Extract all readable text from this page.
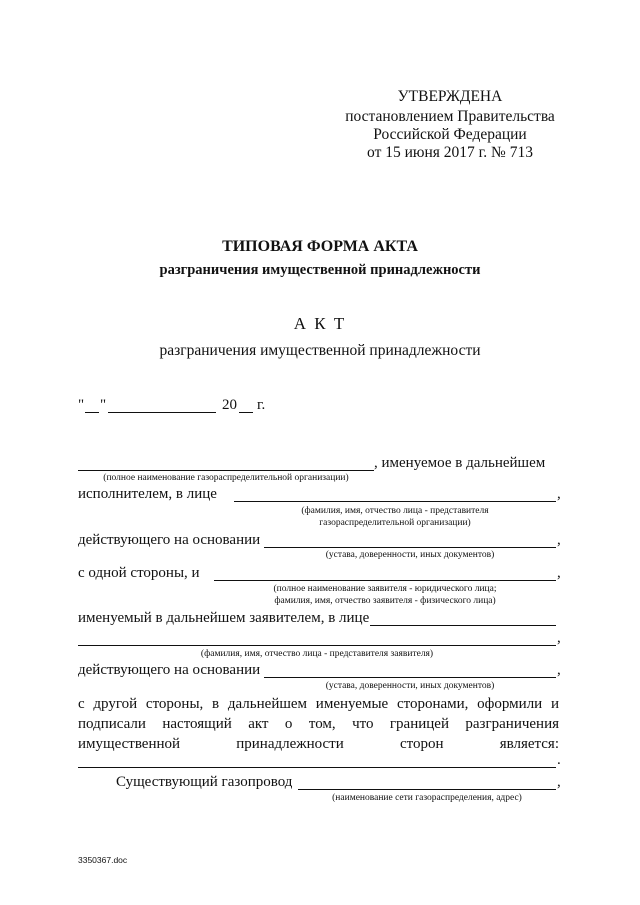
УТВЕРЖДЕНА
постановлением Правительства
Российской Федерации
от 15 июня 2017 г. № 713
ТИПОВАЯ ФОРМА АКТА
разграничения имущественной принадлежности
А К Т
разграничения имущественной принадлежности
" "	20 г.
, именуемое в дальнейшем
(полное наименование газораспределительной организации)
исполнителем, в лице	,
(фамилия, имя, отчество лица - представителя
газораспределительной организации)
действующего на основании	,
(устава, доверенности, иных документов)
с одной стороны, и	,
(полное наименование заявителя - юридического лица;
фамилия, имя, отчество заявителя - физического лица)
именуемый в дальнейшем заявителем, в лице
,
(фамилия, имя, отчество лица - представителя заявителя)
действующего на основании	,
(устава, доверенности, иных документов)
с другой стороны, в дальнейшем именуемые сторонами, оформили и
подписали настоящий акт о том, что границей разграничения
имущественной принадлежности сторон является:
.
Существующий газопровод	,
(наименование сети газораспределения, адрес)
3350367.doc
